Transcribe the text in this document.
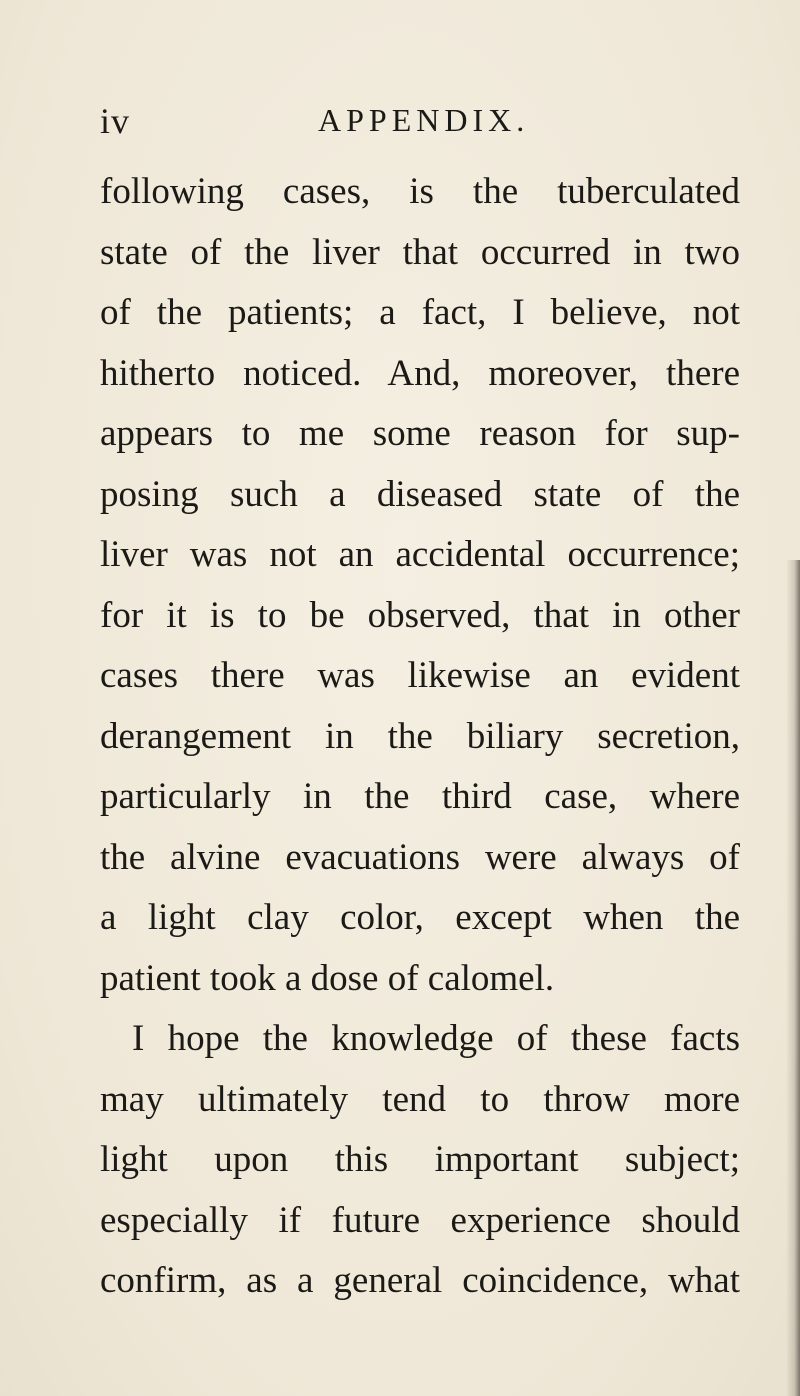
iv	APPENDIX.
following cases, is the tuberculated
state of the liver that occurred in two
of the patients; a fact, I believe, not
hitherto noticed. And, moreover, there
appears to me some reason for sup-
posing such a diseased state of the
liver was not an accidental occurrence;
for it is to be observed, that in other
cases there was likewise an evident
derangement in the biliary secretion,
particularly in the third case, where
the alvine evacuations were always of
a light clay color, except when the
patient took a dose of calomel.
I hope the knowledge of these facts
may ultimately tend to throw more
light upon this important subject;
especially if future experience should
confirm, as a general coincidence, what
